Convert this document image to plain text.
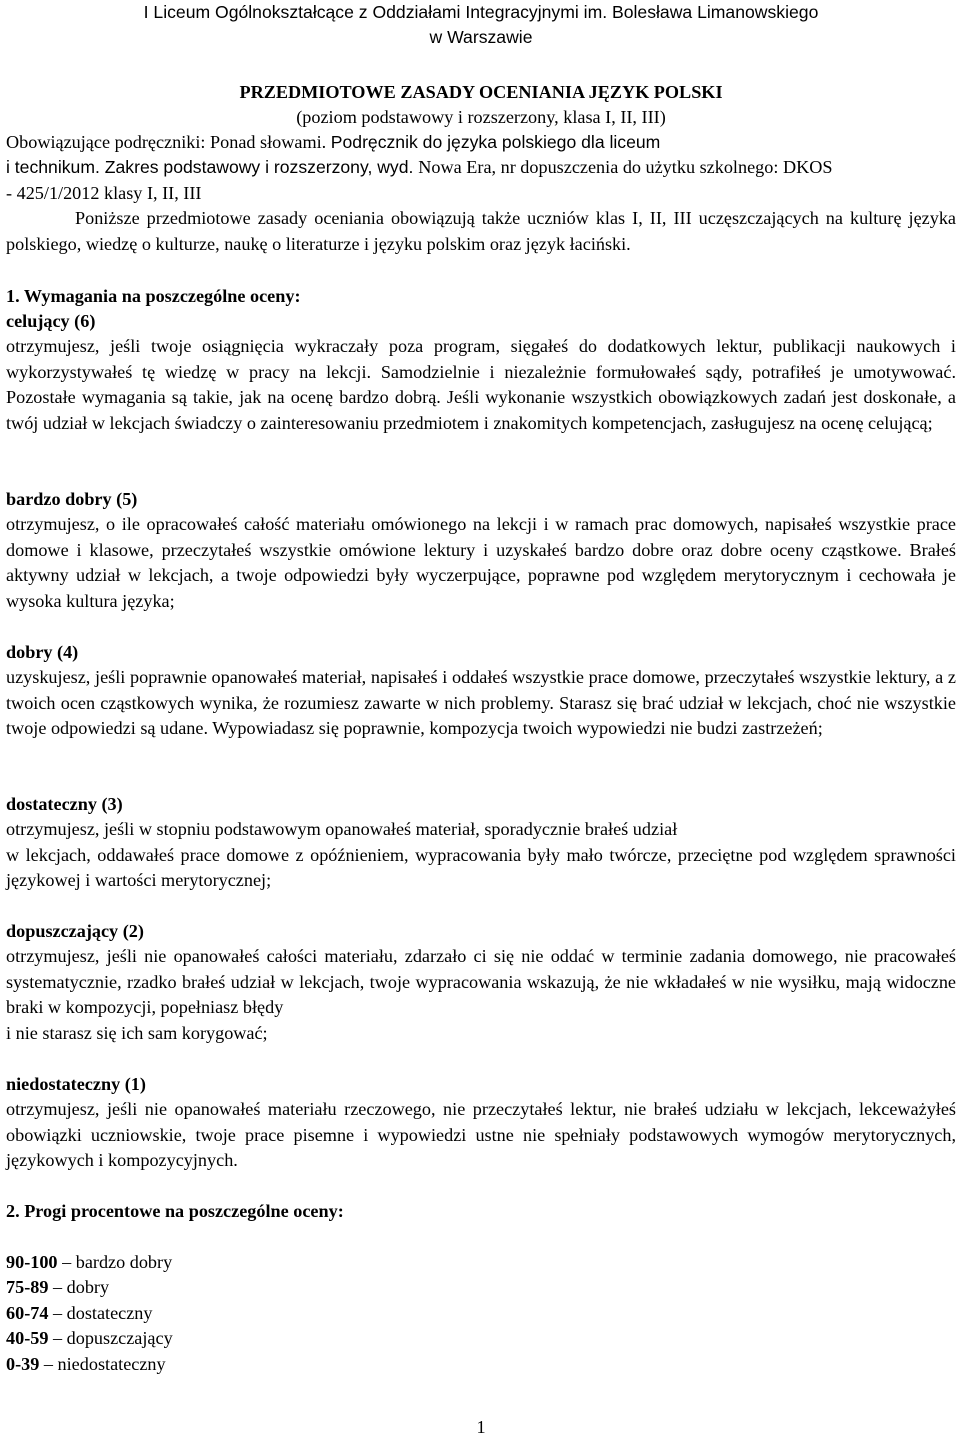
I Liceum Ogólnokształcące z Oddziałami Integracyjnymi im. Bolesława Limanowskiego
w Warszawie
PRZEDMIOTOWE ZASADY OCENIANIA JĘZYK POLSKI
(poziom podstawowy i rozszerzony, klasa I, II, III)
Obowiązujące podręczniki: Ponad słowami. Podręcznik do języka polskiego dla liceum
i technikum. Zakres podstawowy i rozszerzony, wyd. Nowa Era, nr dopuszczenia do użytku szkolnego: DKOS
- 425/1/2012 klasy I, II, III

Poniższe przedmiotowe zasady oceniania obowiązują także uczniów klas I, II, III uczęszczających na kulturę języka polskiego, wiedzę o kulturze, naukę o literaturze i języku polskim oraz język łaciński.

1. Wymagania na poszczególne oceny:
celujący (6)

otrzymujesz, jeśli twoje osiągnięcia wykraczały poza program, sięgałeś do dodatkowych lektur, publikacji naukowych i wykorzystywałeś tę wiedzę w pracy na lekcji. Samodzielnie i niezależnie formułowałeś sądy, potrafiłeś je umotywować. Pozostałe wymagania są takie, jak na ocenę bardzo dobrą. Jeśli wykonanie wszystkich obowiązkowych zadań jest doskonałe, a twój udział w lekcjach świadczy o zainteresowaniu przedmiotem i znakomitych kompetencjach, zasługujesz na ocenę celującą;

bardzo dobry (5)

otrzymujesz, o ile opracowałeś całość materiału omówionego na lekcji i w ramach prac domowych, napisałeś wszystkie prace domowe i klasowe, przeczytałeś wszystkie omówione lektury i uzyskałeś bardzo dobre oraz dobre oceny cząstkowe. Brałeś aktywny udział w lekcjach, a twoje odpowiedzi były wyczerpujące, poprawne pod względem merytorycznym i cechowała je wysoka kultura języka;

dobry (4)

uzyskujesz, jeśli poprawnie opanowałeś materiał, napisałeś i oddałeś wszystkie prace domowe, przeczytałeś wszystkie lektury, a z twoich ocen cząstkowych wynika, że rozumiesz zawarte w nich problemy. Starasz się brać udział w lekcjach, choć nie wszystkie twoje odpowiedzi są udane. Wypowiadasz się poprawnie, kompozycja twoich wypowiedzi nie budzi zastrzeżeń;

dostateczny (3)
otrzymujesz, jeśli w stopniu podstawowym opanowałeś materiał, sporadycznie brałeś udział

w lekcjach, oddawałeś prace domowe z opóźnieniem, wypracowania były mało twórcze, przeciętne pod względem sprawności językowej i wartości merytorycznej;

dopuszczający (2)

otrzymujesz, jeśli nie opanowałeś całości materiału, zdarzało ci się nie oddać w terminie zadania domowego, nie pracowałeś systematycznie, rzadko brałeś udział w lekcjach, twoje wypracowania wskazują, że nie wkładałeś w nie wysiłku, mają widoczne braki w kompozycji, popełniasz błędy

i nie starasz się ich sam korygować;
niedostateczny (1)

otrzymujesz, jeśli nie opanowałeś materiału rzeczowego, nie przeczytałeś lektur, nie brałeś udziału w lekcjach, lekceważyłeś obowiązki uczniowskie, twoje prace pisemne i wypowiedzi ustne nie spełniały podstawowych wymogów merytorycznych, językowych i kompozycyjnych.

2. Progi procentowe na poszczególne oceny:
90-100 – bardzo dobry
75-89 – dobry
60-74 – dostateczny
40-59 – dopuszczający
0-39 – niedostateczny
1
